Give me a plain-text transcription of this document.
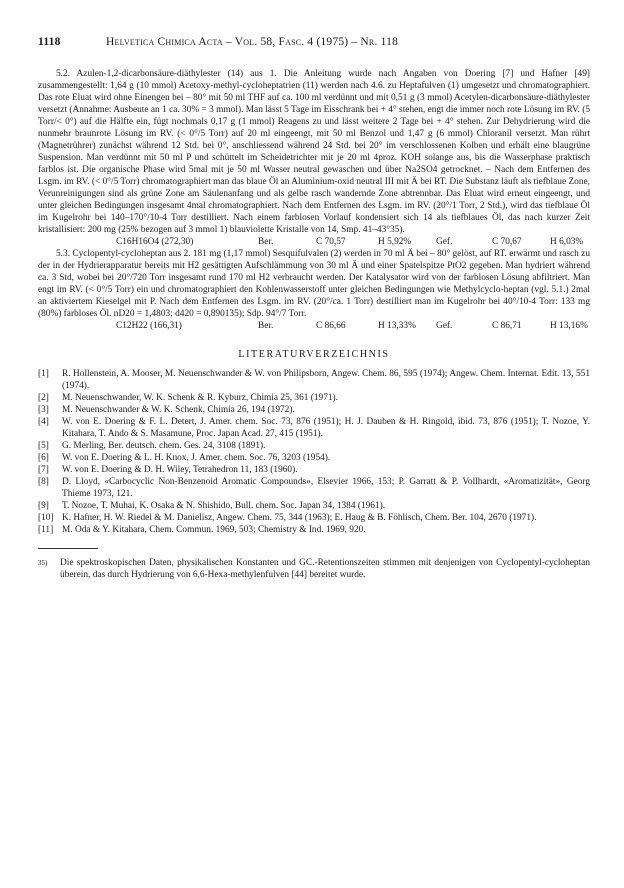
1118	Helvetica Chimica Acta – Vol. 58, Fasc. 4 (1975) – Nr. 118

5.2. Azulen-1,2-dicarbonsäure-diäthylester (14) aus 1. Die Anleitung wurde nach Angaben von Doering [7] und Hafner [49] zusammengestellt: 1,64 g (10 mmol) Acetoxy-methyl-cycloheptatrien (11) werden nach 4.6. zu Heptafulven (1) umgesetzt und chromatographiert. Das rote Eluat wird ohne Einengen bei – 80° mit 50 ml THF auf ca. 100 ml verdünnt und mit 0,51 g (3 mmol) Acetylen-dicarbonsäure-diäthylester versetzt (Annahme: Ausbeute an 1 ca. 30% = 3 mmol). Man lässt 5 Tage im Eisschrank bei + 4° stehen, engt die immer noch rote Lösung im RV. (5 Torr/< 0°) auf die Hälfte ein, fügt nochmals 0,17 g (1 mmol) Reagens zu und lässt weitere 2 Tage bei + 4° stehen. Zur Dehydrierung wird die nunmehr braunrote Lösung im RV. (< 0°/5 Torr) auf 20 ml eingeengt, mit 50 ml Benzol und 1,47 g (6 mmol) Chloranil versetzt. Man rührt (Magnetrührer) zunächst während 12 Std. bei 0°, anschliessend während 24 Std. bei 20° im verschlossenen Kolben und erhält eine blaugrüne Suspension. Man verdünnt mit 50 ml P und schüttelt im Scheidetrichter mit je 20 ml 4proz. KOH solange aus, bis die Wasserphase praktisch farblos ist. Die organische Phase wird 5mal mit je 50 ml Wasser neutral gewaschen und über Na2SO4 getrocknet. – Nach dem Entfernen des Lsgm. im RV. (< 0°/5 Torr) chromatographiert man das blaue Öl an Aluminium-oxid neutral III mit Ä bei RT. Die Substanz läuft als tiefblaue Zone, Verunreinigungen sind als grüne Zone am Säulenanfang und als gelbe rasch wandernde Zone abtrennbar. Das Eluat wird erneut eingeengt, und unter gleichen Bedingungen insgesamt 4mal chromatographiert. Nach dem Entfernen des Lsgm. im RV. (20°/1 Torr, 2 Std.), wird das tiefblaue Öl im Kugelrohr bei 140–170°/10-4 Torr destilliert. Nach einem farblosen Vorlauf kondensiert sich 14 als tiefblaues Öl, das nach kurzer Zeit kristallisiert: 200 mg (25% bezogen auf 3 mmol 1) blauviolette Kristalle von 14, Smp. 41–43°35).

C16H16O4 (272,30)	Ber.	C 70,57	H 5,92%	Gef.	C 70,67	H 6,03%

5.3. Cyclopentyl-cycloheptan aus 2. 181 mg (1,17 mmol) Sesquifulvalen (2) werden in 70 ml Ä bei – 80° gelöst, auf RT. erwärmt und rasch zu der in der Hydrierapparatur bereits mit H2 gesättigten Aufschlämmung von 30 ml Ä und einer Spatelspitze PtO2 gegeben. Man hydriert während ca. 3 Std, wobei bei 20°/720 Torr insgesamt rund 170 ml H2 verbraucht werden. Der Katalysator wird von der farblosen Lösung abfiltriert. Man engt im RV. (< 0°/5 Torr) ein und chromatographiert den Kohlenwasserstoff unter gleichen Bedingungen wie Methylcyclo-heptan (vgl. 5.1.) 2mal an aktiviertem Kieselgel mit P. Nach dem Entfernen des Lsgm. im RV. (20°/ca. 1 Torr) destilliert man im Kugelrohr bei 40°/10-4 Torr: 133 mg (80%) farbloses Öl. nD20 = 1,4803; d420 = 0,890135); Sdp. 94°/7 Torr.

C12H22 (166,31)	Ber.	C 86,66	H 13,33%	Gef.	C 86,71	H 13,16%
LITERATURVERZEICHNIS
[1]	R. Hollenstein, A. Mooser, M. Neuenschwander & W. von Philipsborn, Angew. Chem. 86, 595 (1974); Angew. Chem. Internat. Edit. 13, 551 (1974).
[2]	M. Neuenschwander, W. K. Schenk & R. Kyburz, Chimia 25, 361 (1971).
[3]	M. Neuenschwander & W. K. Schenk, Chimia 26, 194 (1972).
[4]	W. von E. Doering & F. L. Detert, J. Amer. chem. Soc. 73, 876 (1951); H. J. Dauben & H. Ringold, ibid. 73, 876 (1951); T. Nozoe, Y. Kitahara, T. Ando & S. Masamune, Proc. Japan Acad. 27, 415 (1951).
[5]	G. Merling, Ber. deutsch. chem. Ges. 24, 3108 (1891).
[6]	W. von E. Doering & L. H. Knox, J. Amer. chem. Soc. 76, 3203 (1954).
[7]	W. von E. Doering & D. H. Wiley, Tetrahedron 11, 183 (1960).
[8]	D. Lloyd, «Carbocyclic Non-Benzenoid Aromatic Compounds», Elsevier 1966, 153; P. Garratt & P. Vollhardt, «Aromatizität», Georg Thieme 1973, 121.
[9]	T. Nozoe, T. Muhai, K. Osaka & N. Shishido, Bull. chem. Soc. Japan 34, 1384 (1961).
[10] K. Hafner, H. W. Riedel & M. Danielisz, Angew. Chem. 75, 344 (1963); E. Haug & B. Föhlisch, Chem. Ber. 104, 2670 (1971).
[11] M. Oda & Y. Kitahara, Chem. Commun. 1969, 503; Chemistry & Ind. 1969, 920.
35)	Die spektroskopischen Daten, physikalischen Konstanten und GC.-Retentionszeiten stimmen mit denjenigen von Cyclopentyl-cycloheptan überein, das durch Hydrierung von 6,6-Hexa-methylenfulven [44] bereitet wurde.
